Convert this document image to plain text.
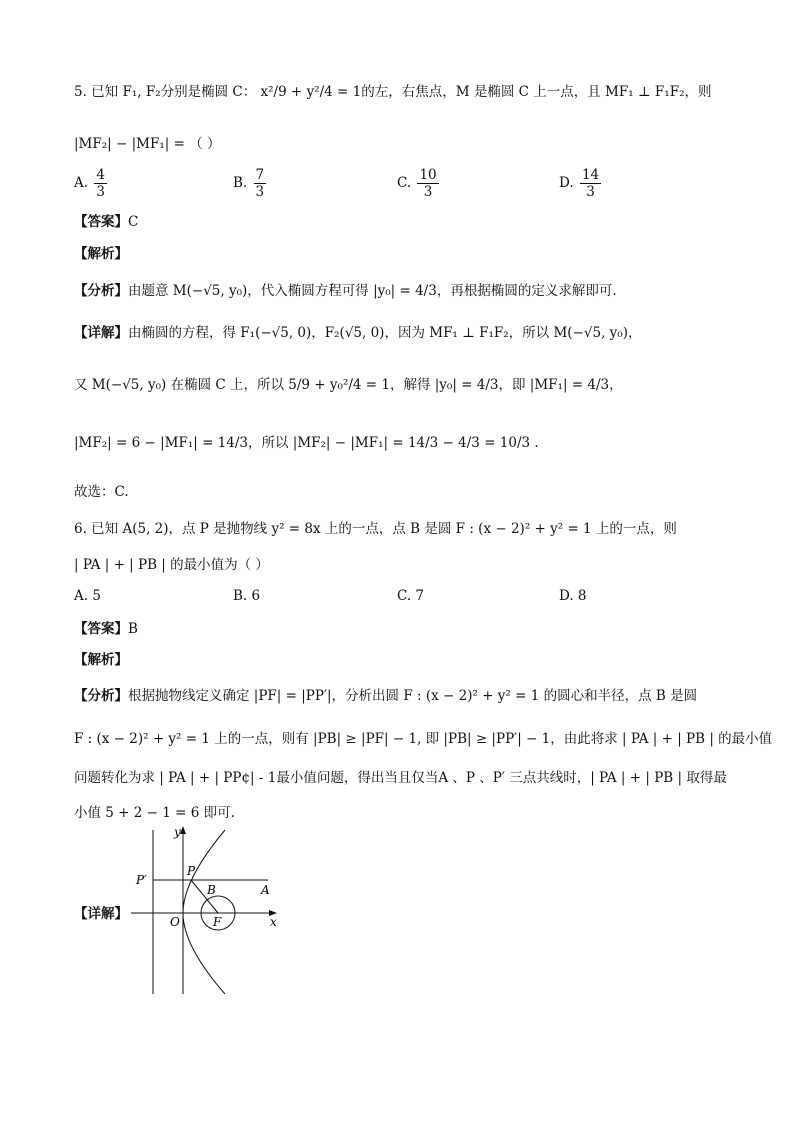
5. 已知 F₁, F₂分别是椭圆 C： x²/9 + y²/4 = 1的左，右焦点，M 是椭圆 C 上一点，且 MF₁ ⊥ F₁F₂，则
|MF₂| − |MF₁| = （ ）
A. $\frac{4}{3}$	B. $\frac{7}{3}$	C. $\frac{10}{3}$	D. $\frac{14}{3}$
【答案】C
【解析】
【分析】由题意 M(−√5, y₀)，代入椭圆方程可得 |y₀| = 4/3，再根据椭圆的定义求解即可.
【详解】由椭圆的方程，得 F₁(−√5, 0)，F₂(√5, 0)，因为 MF₁ ⊥ F₁F₂，所以 M(−√5, y₀)，
又 M(−√5, y₀) 在椭圆 C 上，所以 5/9 + y₀²/4 = 1，解得 |y₀| = 4/3，即 |MF₁| = 4/3，
|MF₂| = 6 − |MF₁| = 14/3，所以 |MF₂| − |MF₁| = 14/3 − 4/3 = 10/3 .
故选：C.
6. 已知 A(5, 2)，点 P 是抛物线 y² = 8x 上的一点，点 B 是圆 F : (x − 2)² + y² = 1 上的一点，则
| PA | + | PB | 的最小值为（ ）
A. 5	B. 6	C. 7	D. 8
【答案】B
【解析】
【分析】根据抛物线定义确定 |PF| = |PP′|，分析出圆 F : (x − 2)² + y² = 1 的圆心和半径，点 B 是圆
F : (x − 2)² + y² = 1 上的一点，则有 |PB| ≥ |PF| − 1, 即 |PB| ≥ |PP′| − 1，由此将求 | PA | + | PB | 的最小值
问题转化为求 | PA | + | PP¢| - 1最小值问题，得出当且仅当A 、P 、P′ 三点共线时，| PA | + | PB | 取得最
小值 5 + 2 − 1 = 6 即可.
【详解】
y
x
O
P′
P
B	A
F
